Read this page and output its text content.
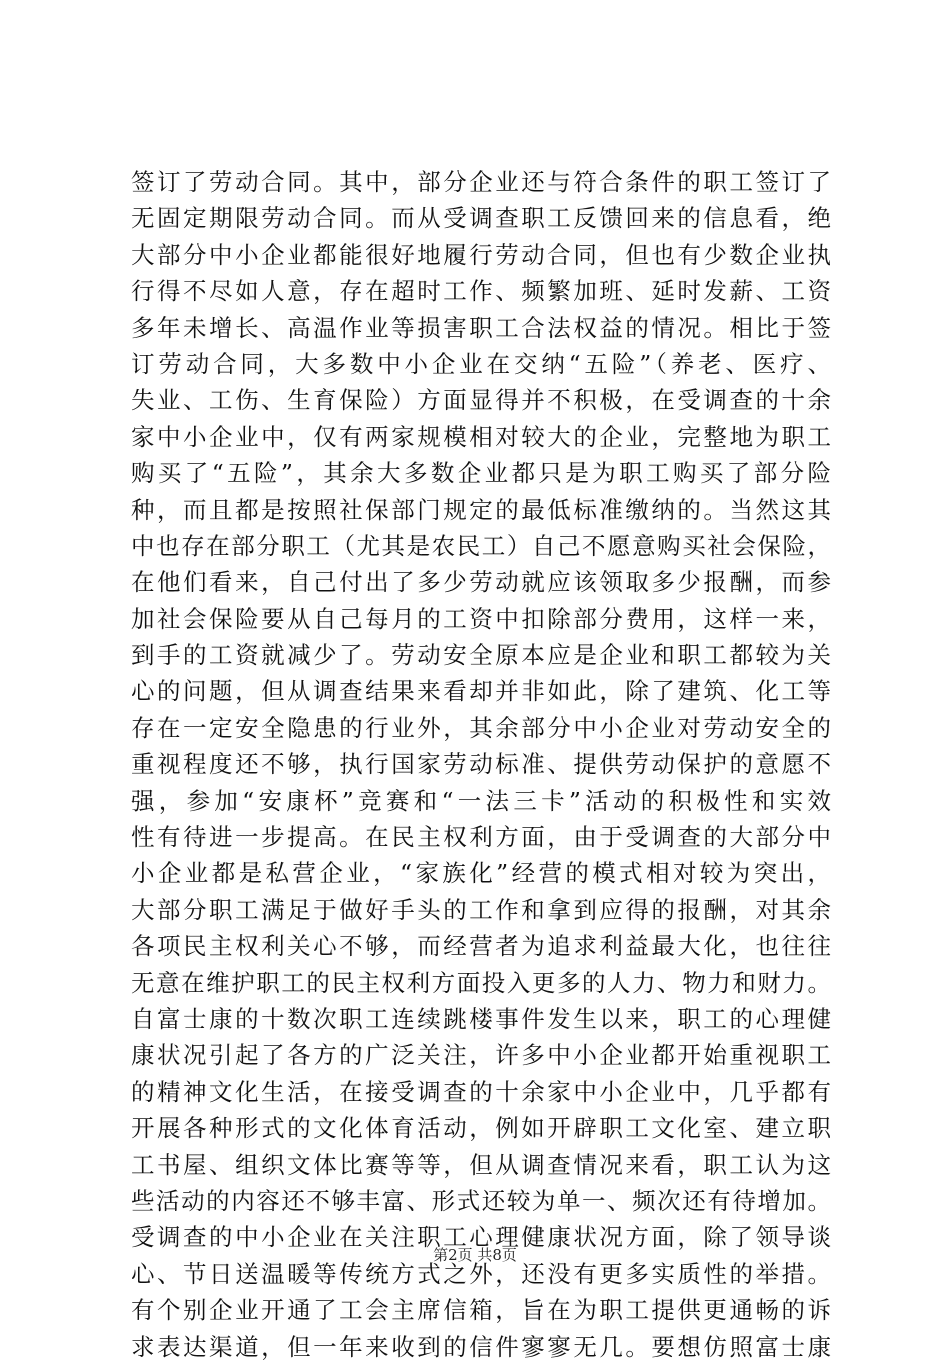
签订了劳动合同。其中，部分企业还与符合条件的职工签订了
无固定期限劳动合同。而从受调查职工反馈回来的信息看，绝
大部分中小企业都能很好地履行劳动合同，但也有少数企业执
行得不尽如人意，存在超时工作、频繁加班、延时发薪、工资
多年未增长、高温作业等损害职工合法权益的情况。相比于签
订劳动合同，大多数中小企业在交纳“五险”（养老、医疗、
失业、工伤、生育保险）方面显得并不积极，在受调查的十余
家中小企业中，仅有两家规模相对较大的企业，完整地为职工
购买了“五险”，其余大多数企业都只是为职工购买了部分险
种，而且都是按照社保部门规定的最低标准缴纳的。当然这其
中也存在部分职工（尤其是农民工）自己不愿意购买社会保险，
在他们看来，自己付出了多少劳动就应该领取多少报酬，而参
加社会保险要从自己每月的工资中扣除部分费用，这样一来，
到手的工资就减少了。劳动安全原本应是企业和职工都较为关
心的问题，但从调查结果来看却并非如此，除了建筑、化工等
存在一定安全隐患的行业外，其余部分中小企业对劳动安全的
重视程度还不够，执行国家劳动标准、提供劳动保护的意愿不
强，参加“安康杯”竞赛和“一法三卡”活动的积极性和实效
性有待进一步提高。在民主权利方面，由于受调查的大部分中
小企业都是私营企业，“家族化”经营的模式相对较为突出，
大部分职工满足于做好手头的工作和拿到应得的报酬，对其余
各项民主权利关心不够，而经营者为追求利益最大化，也往往
无意在维护职工的民主权利方面投入更多的人力、物力和财力。
自富士康的十数次职工连续跳楼事件发生以来，职工的心理健
康状况引起了各方的广泛关注，许多中小企业都开始重视职工
的精神文化生活，在接受调查的十余家中小企业中，几乎都有
开展各种形式的文化体育活动，例如开辟职工文化室、建立职
工书屋、组织文体比赛等等，但从调查情况来看，职工认为这
些活动的内容还不够丰富、形式还较为单一、频次还有待增加。
受调查的中小企业在关注职工心理健康状况方面，除了领导谈
心、节日送温暖等传统方式之外，还没有更多实质性的举措。
有个别企业开通了工会主席信箱，旨在为职工提供更通畅的诉
求表达渠道，但一年来收到的信件寥寥无几。要想仿照富士康
第2页 共8页
